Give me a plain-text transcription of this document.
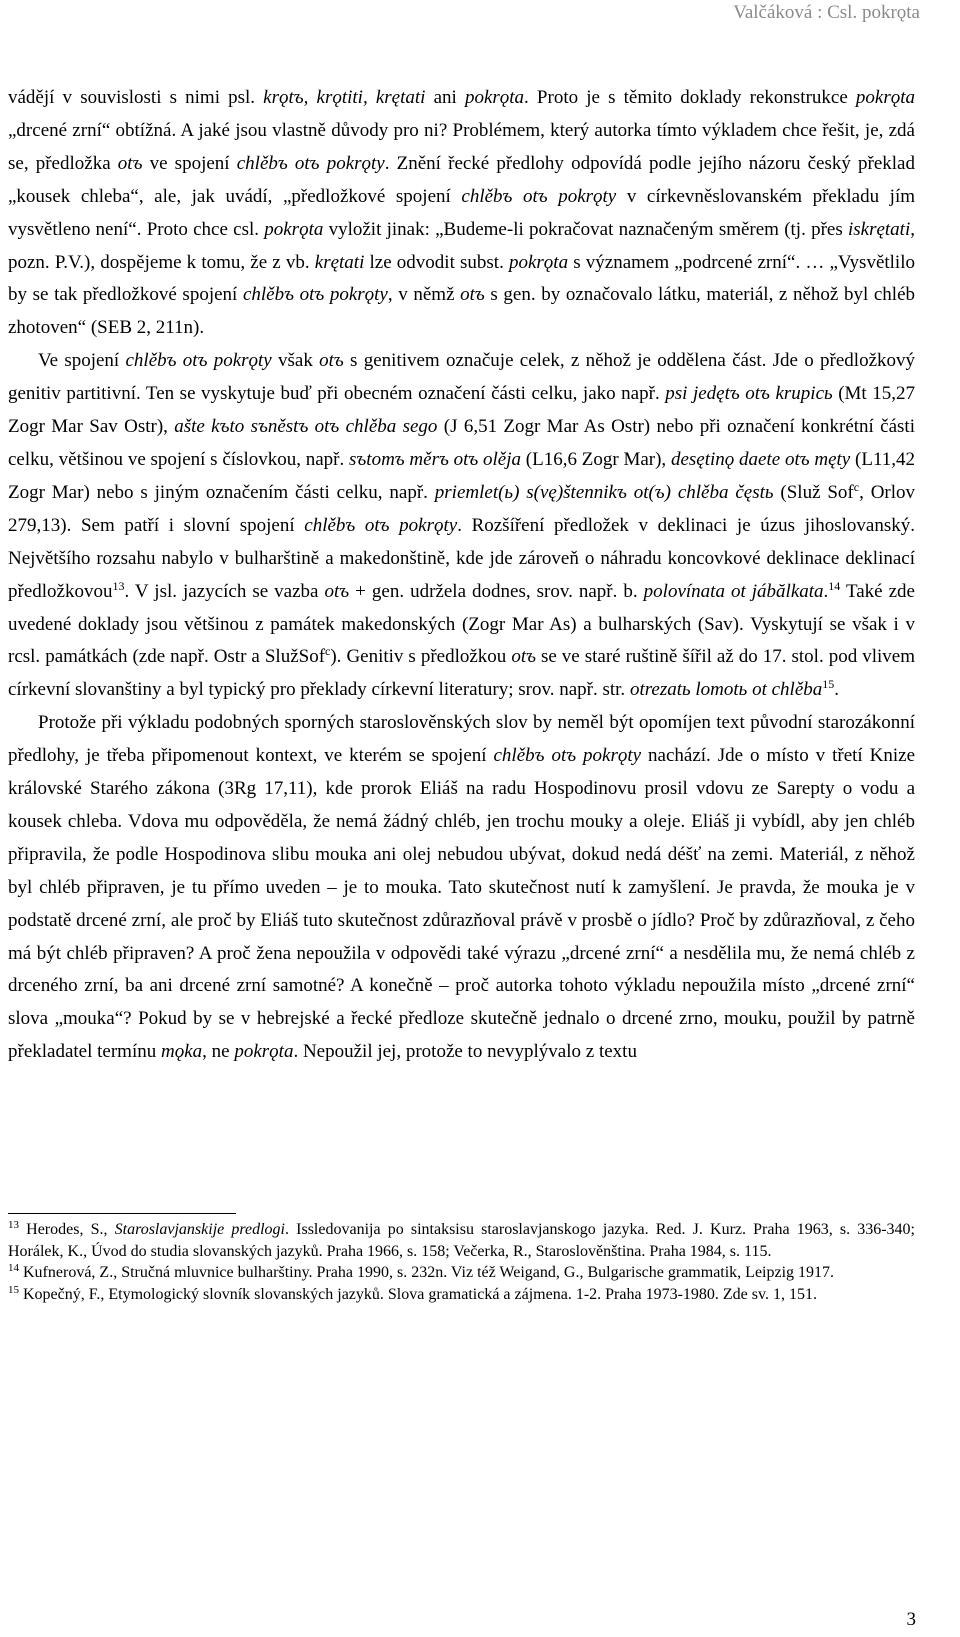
Valčáková : Csl. pokrǫta

vádějí v souvislosti s nimi psl. krǫtъ, krǫtiti, krętati ani pokrǫta. Proto je s těmito doklady rekonstrukce pokrǫta „drcené zrní“ obtížná. A jaké jsou vlastně důvody pro ni? Problémem, který autorka tímto výkladem chce řešit, je, zdá se, předložka otъ ve spojení chlěbъ otъ pokrǫty. Znění řecké předlohy odpovídá podle jejího názoru český překlad „kousek chleba“, ale, jak uvádí, „předložkové spojení chlěbъ otъ pokrǫty v církevněslovanském překladu jím vysvětleno není“. Proto chce csl. pokrǫta vyložit jinak: „Budeme-li pokračovat naznačeným směrem (tj. přes iskrętati, pozn. P.V.), dospějeme k tomu, že z vb. krętati lze odvodit subst. pokrǫta s významem „podrcené zrní“. … „Vysvětlilo by se tak předložkové spojení chlěbъ otъ pokrǫty, v němž otъ s gen. by označovalo látku, materiál, z něhož byl chléb zhotoven“ (SEB 2, 211n).

Ve spojení chlěbъ otъ pokrǫty však otъ s genitivem označuje celek, z něhož je oddělena část. Jde o předložkový genitiv partitivní. Ten se vyskytuje buď při obecném označení části celku, jako např. psi jedętъ otъ krupicь (Mt 15,27 Zogr Mar Sav Ostr), ašte kъto sъněstъ otъ chlěba sego (J 6,51 Zogr Mar As Ostr) nebo při označení konkrétní části celku, většinou ve spojení s číslovkou, např. sъtomъ měrъ otъ olěja (L16,6 Zogr Mar), desętinǫ daete otъ męty (L11,42 Zogr Mar) nebo s jiným označením části celku, např. priemlet(ь) s(vę)štennikъ ot(ъ) chlěba čęstь (Služ Sof$^c$, Orlov 279,13). Sem patří i slovní spojení chlěbъ otъ pokrǫty. Rozšíření předložek v deklinaci je úzus jihoslovanský. Největšího rozsahu nabylo v bulharštině a makedonštině, kde jde zároveň o náhradu koncovkové deklinace deklinací předložkovou$^{13}$. V jsl. jazycích se vazba otъ + gen. udržela dodnes, srov. např. b. polovínata ot jábălkata.$^{14}$ Také zde uvedené doklady jsou většinou z památek makedonských (Zogr Mar As) a bulharských (Sav). Vyskytují se však i v rcsl. památkách (zde např. Ostr a SlužSof$^c$). Genitiv s předložkou otъ se ve staré ruštině šířil až do 17. stol. pod vlivem církevní slovanštiny a byl typický pro překlady církevní literatury; srov. např. str. otrezatь lomotь ot chlěba$^{15}$.

Protože při výkladu podobných sporných staroslověnských slov by neměl být opomíjen text původní starozákonní předlohy, je třeba připomenout kontext, ve kterém se spojení chlěbъ otъ pokrǫty nachází. Jde o místo v třetí Knize královské Starého zákona (3Rg 17,11), kde prorok Eliáš na radu Hospodinovu prosil vdovu ze Sarepty o vodu a kousek chleba. Vdova mu odpověděla, že nemá žádný chléb, jen trochu mouky a oleje. Eliáš ji vybídl, aby jen chléb připravila, že podle Hospodinova slibu mouka ani olej nebudou ubývat, dokud nedá déšť na zemi. Materiál, z něhož byl chléb připraven, je tu přímo uveden – je to mouka. Tato skutečnost nutí k zamyšlení. Je pravda, že mouka je v podstatě drcené zrní, ale proč by Eliáš tuto skutečnost zdůrazňoval právě v prosbě o jídlo? Proč by zdůrazňoval, z čeho má být chléb připraven? A proč žena nepoužila v odpovědi také výrazu „drcené zrní“ a nesdělila mu, že nemá chléb z drceného zrní, ba ani drcené zrní samotné? A konečně – proč autorka tohoto výkladu nepoužila místo „drcené zrní“ slova „mouka“? Pokud by se v hebrejské a řecké předloze skutečně jednalo o drcené zrno, mouku, použil by patrně překladatel termínu mǫka, ne pokrǫta. Nepoužil jej, protože to nevyplývalo z textu

$^{13}$ Herodes, S., Staroslavjanskije predlogi. Issledovanija po sintaksisu staroslavjanskogo jazyka. Red. J. Kurz. Praha 1963, s. 336-340; Horálek, K., Úvod do studia slovanských jazyků. Praha 1966, s. 158; Večerka, R., Staroslověnština. Praha 1984, s. 115.

$^{14}$ Kufnerová, Z., Stručná mluvnice bulharštiny. Praha 1990, s. 232n. Viz též Weigand, G., Bulgarische grammatik, Leipzig 1917.

$^{15}$ Kopečný, F., Etymologický slovník slovanských jazyků. Slova gramatická a zájmena. 1-2. Praha 1973-1980. Zde sv. 1, 151.

3
